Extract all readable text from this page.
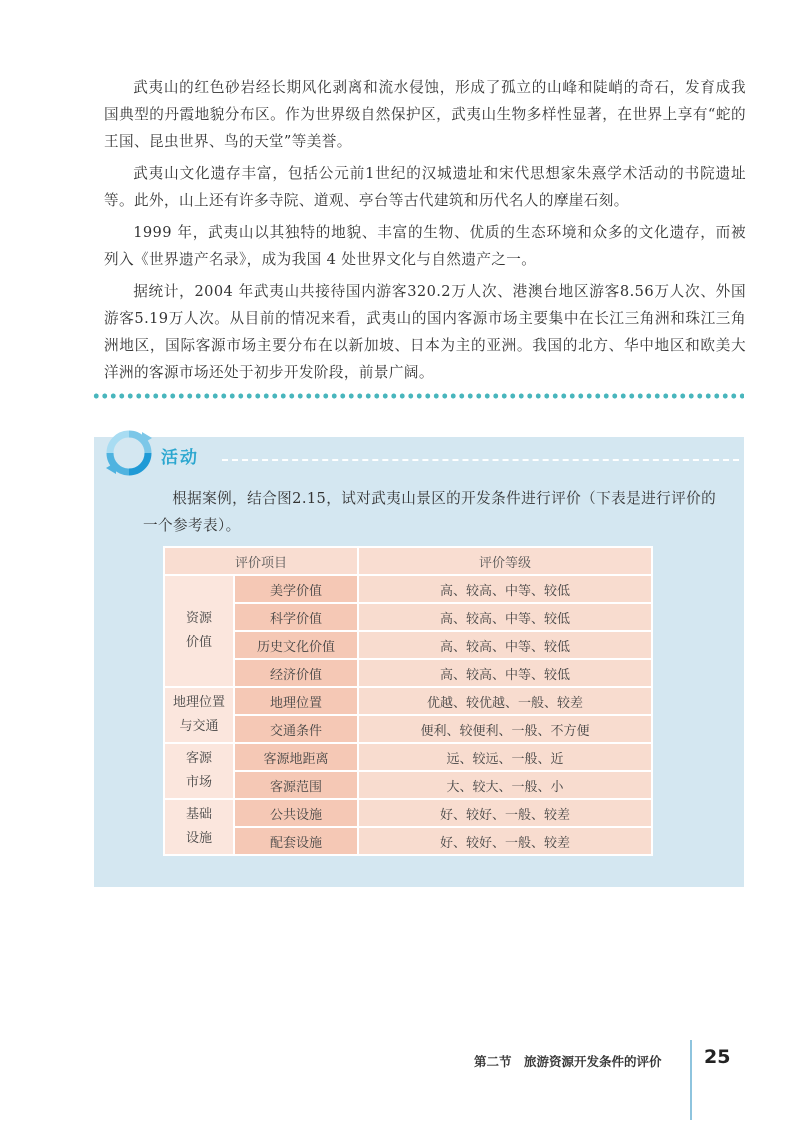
武夷山的红色砂岩经长期风化剥离和流水侵蚀，形成了孤立的山峰和陡峭的奇石，发育成我国典型的丹霞地貌分布区。作为世界级自然保护区，武夷山生物多样性显著，在世界上享有“蛇的王国、昆虫世界、鸟的天堂”等美誉。

武夷山文化遗存丰富，包括公元前1世纪的汉城遗址和宋代思想家朱熹学术活动的书院遗址等。此外，山上还有许多寺院、道观、亭台等古代建筑和历代名人的摩崖石刻。

1999 年，武夷山以其独特的地貌、丰富的生物、优质的生态环境和众多的文化遗存，而被列入《世界遗产名录》，成为我国 4 处世界文化与自然遗产之一。

据统计，2004 年武夷山共接待国内游客320.2万人次、港澳台地区游客8.56万人次、外国游客5.19万人次。从目前的情况来看，武夷山的国内客源市场主要集中在长江三角洲和珠江三角洲地区，国际客源市场主要分布在以新加坡、日本为主的亚洲。我国的北方、华中地区和欧美大洋洲的客源市场还处于初步开发阶段，前景广阔。

活动
根据案例，结合图2.15，试对武夷山景区的开发条件进行评价（下表是进行评价的一个参考表）。
评价项目		评价等级
资源
价值	美学价值	高、较高、中等、较低
	科学价值	高、较高、中等、较低
	历史文化价值	高、较高、中等、较低
	经济价值	高、较高、中等、较低
地理位置
与交通	地理位置	优越、较优越、一般、较差
	交通条件	便利、较便利、一般、不方便
客源
市场	客源地距离	远、较远、一般、近
	客源范围	大、较大、一般、小
基础
设施	公共设施	好、较好、一般、较差
	配套设施	好、较好、一般、较差
第二节　旅游资源开发条件的评价 25
